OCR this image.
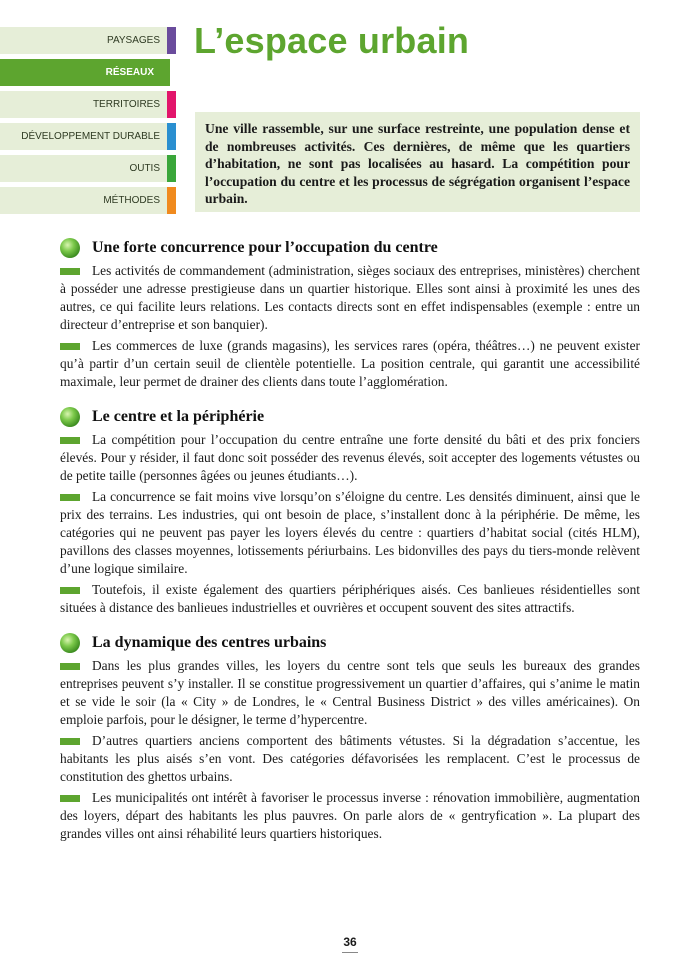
PAYSAGES
RÉSEAUX
TERRITOIRES
DÉVELOPPEMENT DURABLE
OUTIS
MÉTHODES
L’espace urbain
Une ville rassemble, sur une surface restreinte, une population dense et de nombreuses activités. Ces dernières, de même que les quartiers d’habitation, ne sont pas localisées au hasard. La compétition pour l’occupation du centre et les processus de ségrégation organisent l’espace urbain.
Une forte concurrence pour l’occupation du centre

Les activités de commandement (administration, sièges sociaux des entreprises, ministères) cherchent à posséder une adresse prestigieuse dans un quartier historique. Elles sont ainsi à proximité les unes des autres, ce qui facilite leurs relations. Les contacts directs sont en effet indispensables (exemple : entre un directeur d’entreprise et son banquier).

Les commerces de luxe (grands magasins), les services rares (opéra, théâtres…) ne peuvent exister qu’à partir d’un certain seuil de clientèle potentielle. La position centrale, qui garantit une accessibilité maximale, leur permet de drainer des clients dans toute l’agglomération.

Le centre et la périphérie

La compétition pour l’occupation du centre entraîne une forte densité du bâti et des prix fonciers élevés. Pour y résider, il faut donc soit posséder des revenus élevés, soit accepter des logements vétustes ou de petite taille (personnes âgées ou jeunes étudiants…).

La concurrence se fait moins vive lorsqu’on s’éloigne du centre. Les densités diminuent, ainsi que le prix des terrains. Les industries, qui ont besoin de place, s’installent donc à la périphérie. De même, les catégories qui ne peuvent pas payer les loyers élevés du centre : quartiers d’habitat social (cités HLM), pavillons des classes moyennes, lotissements périurbains. Les bidonvilles des pays du tiers-monde relèvent d’une logique similaire.

Toutefois, il existe également des quartiers périphériques aisés. Ces banlieues résidentielles sont situées à distance des banlieues industrielles et ouvrières et occupent souvent des sites attractifs.

La dynamique des centres urbains

Dans les plus grandes villes, les loyers du centre sont tels que seuls les bureaux des grandes entreprises peuvent s’y installer. Il se constitue progressivement un quartier d’affaires, qui s’anime le matin et se vide le soir (la « City » de Londres, le « Central Business District » des villes américaines). On emploie parfois, pour le désigner, le terme d’hypercentre.

D’autres quartiers anciens comportent des bâtiments vétustes. Si la dégradation s’accentue, les habitants les plus aisés s’en vont. Des catégories défavorisées les remplacent. C’est le processus de constitution des ghettos urbains.

Les municipalités ont intérêt à favoriser le processus inverse : rénovation immobilière, augmentation des loyers, départ des habitants les plus pauvres. On parle alors de « gentryfication ». La plupart des grandes villes ont ainsi réhabilité leurs quartiers historiques.

36
